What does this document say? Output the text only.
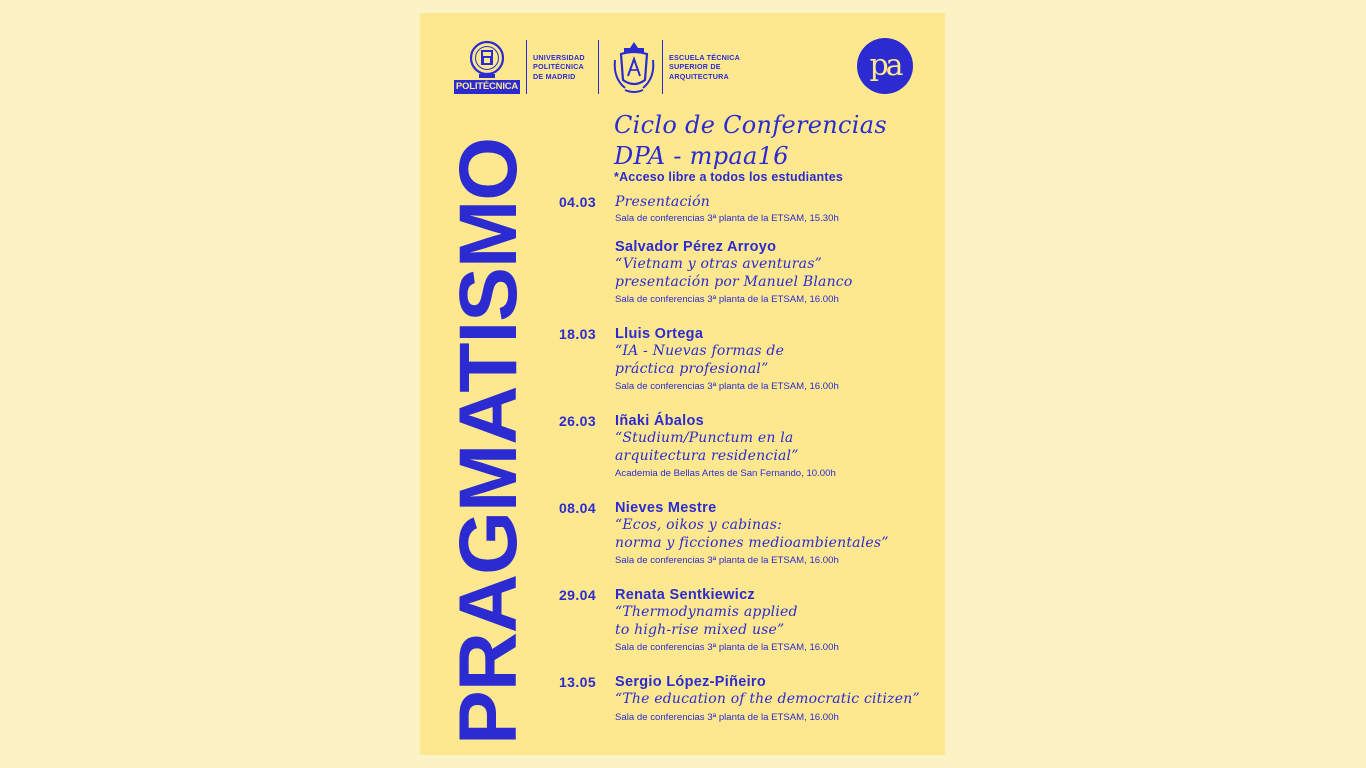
POLITÉCNICA
UNIVERSIDAD
POLITÉCNICA
DE MADRID
ESCUELA TÉCNICA
SUPERIOR DE
ARQUITECTURA	pa
PRAGMATISMO
Ciclo de Conferencias
DPA - mpaa16
*Acceso libre a todos los estudiantes
04.03 Presentación
Sala de conferencias 3ª planta de la ETSAM, 15.30h
Salvador Pérez Arroyo
“Vietnam y otras aventuras”
presentación por Manuel Blanco
Sala de conferencias 3ª planta de la ETSAM, 16.00h
18.03 Lluis Ortega
“IA - Nuevas formas de
práctica profesional”
Sala de conferencias 3ª planta de la ETSAM, 16.00h
26.03 Iñaki Ábalos
“Studium/Punctum en la
arquitectura residencial”
Academia de Bellas Artes de San Fernando, 10.00h
08.04 Nieves Mestre
“Ecos, oikos y cabinas:
norma y ficciones medioambientales”
Sala de conferencias 3ª planta de la ETSAM, 16.00h
29.04 Renata Sentkiewicz
“Thermodynamis applied
to high-rise mixed use”
Sala de conferencias 3ª planta de la ETSAM, 16.00h
13.05 Sergio López-Piñeiro
“The education of the democratic citizen”
Sala de conferencias 3ª planta de la ETSAM, 16.00h
